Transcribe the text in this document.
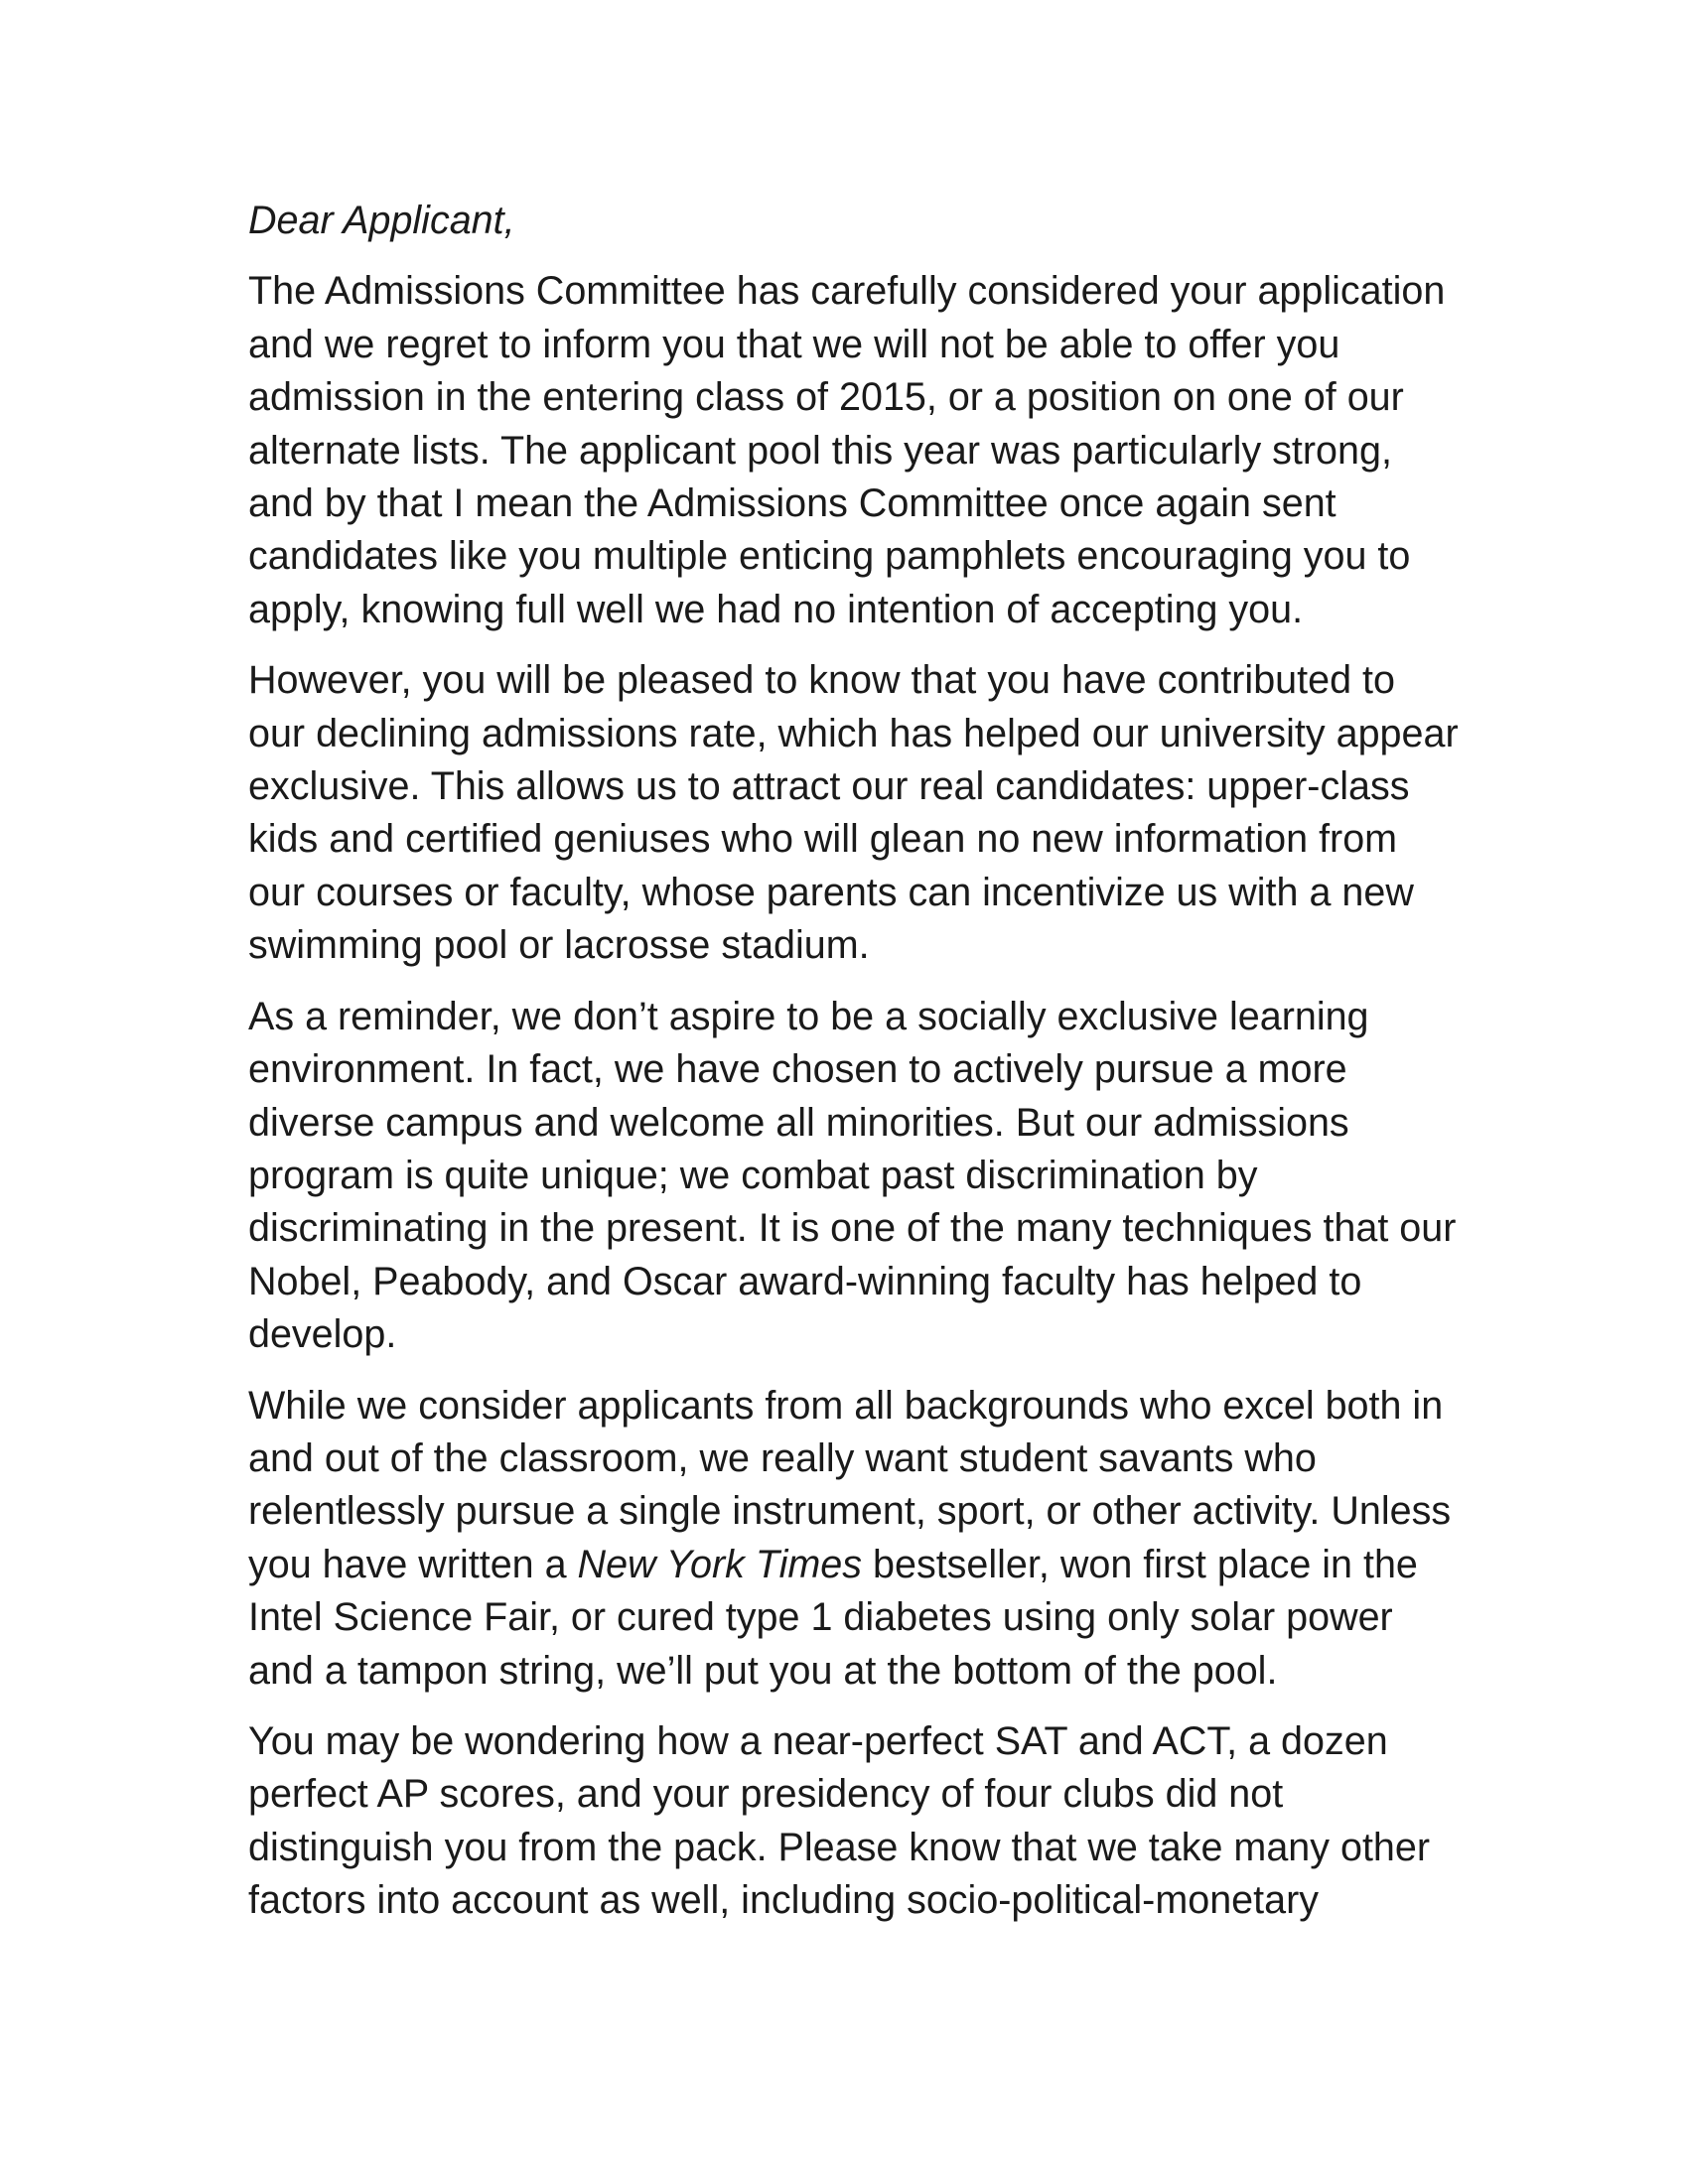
Dear Applicant,

The Admissions Committee has carefully considered your application
and we regret to inform you that we will not be able to offer you
admission in the entering class of 2015, or a position on one of our
alternate lists. The applicant pool this year was particularly strong,
and by that I mean the Admissions Committee once again sent
candidates like you multiple enticing pamphlets encouraging you to
apply, knowing full well we had no intention of accepting you.

However, you will be pleased to know that you have contributed to
our declining admissions rate, which has helped our university appear
exclusive. This allows us to attract our real candidates: upper-class
kids and certified geniuses who will glean no new information from
our courses or faculty, whose parents can incentivize us with a new
swimming pool or lacrosse stadium.

As a reminder, we don’t aspire to be a socially exclusive learning
environment. In fact, we have chosen to actively pursue a more
diverse campus and welcome all minorities. But our admissions
program is quite unique; we combat past discrimination by
discriminating in the present. It is one of the many techniques that our
Nobel, Peabody, and Oscar award-winning faculty has helped to
develop.

While we consider applicants from all backgrounds who excel both in
and out of the classroom, we really want student savants who
relentlessly pursue a single instrument, sport, or other activity. Unless
you have written a New York Times bestseller, won first place in the
Intel Science Fair, or cured type 1 diabetes using only solar power
and a tampon string, we’ll put you at the bottom of the pool.

You may be wondering how a near-perfect SAT and ACT, a dozen
perfect AP scores, and your presidency of four clubs did not
distinguish you from the pack. Please know that we take many other
factors into account as well, including socio-political-monetary
